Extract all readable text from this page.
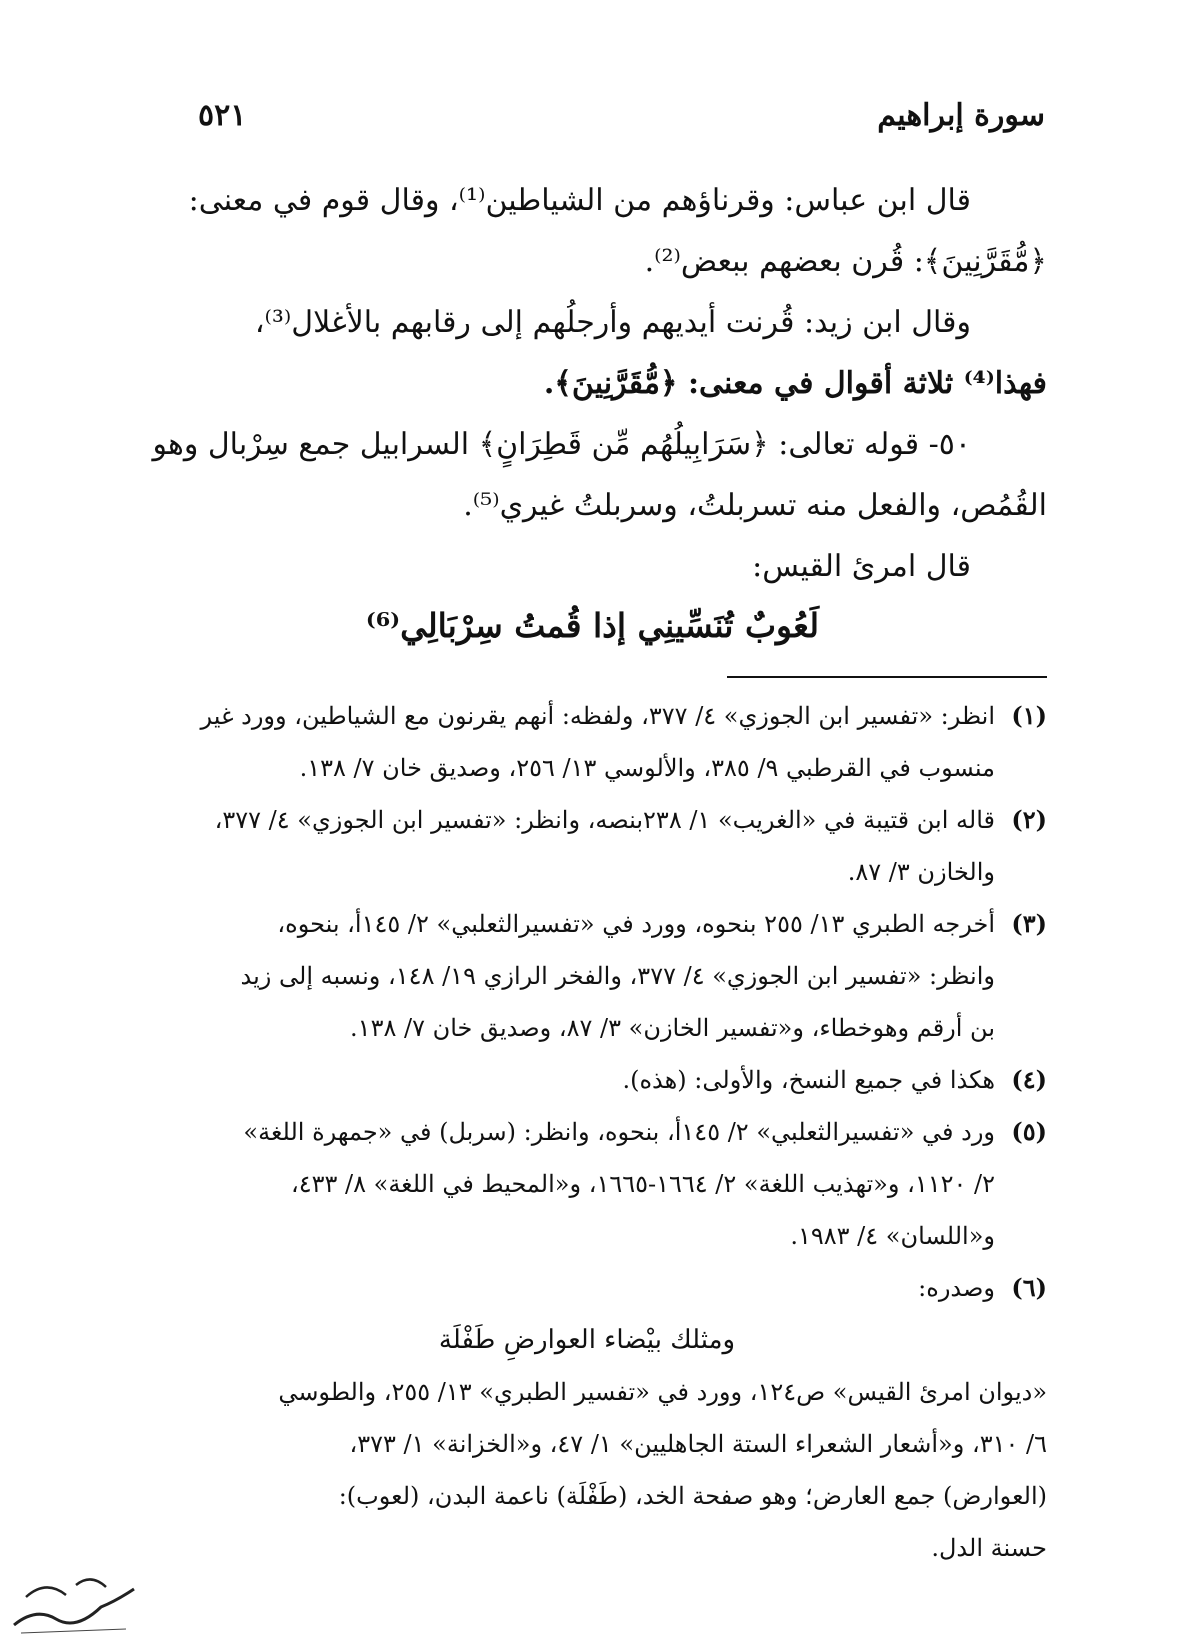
سورة إبراهيم
٥٢١

قال ابن عباس: وقرناؤهم من الشياطين⁽¹⁾، وقال قوم في معنى:

﴿مُّقَرَّنِينَ﴾: قُرن بعضهم ببعض⁽²⁾.

وقال ابن زيد: قُرنت أيديهم وأرجلُهم إلى رقابهم بالأغلال⁽³⁾،

فهذا⁽⁴⁾ ثلاثة أقوال في معنى: ﴿مُّقَرَّنِينَ﴾.

٥٠- قوله تعالى: ﴿سَرَابِيلُهُم مِّن قَطِرَانٍ﴾ السرابيل جمع سِرْبال وهو

القُمُص، والفعل منه تسربلتُ، وسربلتُ غيري⁽⁵⁾.

قال امرئ القيس:

لَعُوبٌ تُنَسِّينِي إذا قُمتُ سِرْبَالِي⁽⁶⁾
(١)
انظر: «تفسير ابن الجوزي» ٤/ ٣٧٧، ولفظه: أنهم يقرنون مع الشياطين، وورد غير
منسوب في القرطبي ٩/ ٣٨٥، والألوسي ١٣/ ٢٥٦، وصديق خان ٧/ ١٣٨.
(٢)
قاله ابن قتيبة في «الغريب» ١/ ٢٣٨بنصه، وانظر: «تفسير ابن الجوزي» ٤/ ٣٧٧،
والخازن ٣/ ٨٧.
(٣)
أخرجه الطبري ١٣/ ٢٥٥ بنحوه، وورد في «تفسيرالثعلبي» ٢/ ١٤٥أ، بنحوه،
وانظر: «تفسير ابن الجوزي» ٤/ ٣٧٧، والفخر الرازي ١٩/ ١٤٨، ونسبه إلى زيد
بن أرقم وهوخطاء، و«تفسير الخازن» ٣/ ٨٧، وصديق خان ٧/ ١٣٨.
(٤)
هكذا في جميع النسخ، والأولى: (هذه).
(٥)
ورد في «تفسيرالثعلبي» ٢/ ١٤٥أ، بنحوه، وانظر: (سربل) في «جمهرة اللغة»
٢/ ١١٢٠، و«تهذيب اللغة» ٢/ ١٦٦٤-١٦٦٥، و«المحيط في اللغة» ٨/ ٤٣٣،
و«اللسان» ٤/ ١٩٨٣.
(٦)
وصدره:
ومثلك بيْضاء العوارضِ طَفْلَة
«ديوان امرئ القيس» ص١٢٤، وورد في «تفسير الطبري» ١٣/ ٢٥٥، والطوسي
٦/ ٣١٠، و«أشعار الشعراء الستة الجاهليين» ١/ ٤٧، و«الخزانة» ١/ ٣٧٣،
(العوارض) جمع العارض؛ وهو صفحة الخد، (طَفْلَة) ناعمة البدن، (لعوب):
حسنة الدل.
